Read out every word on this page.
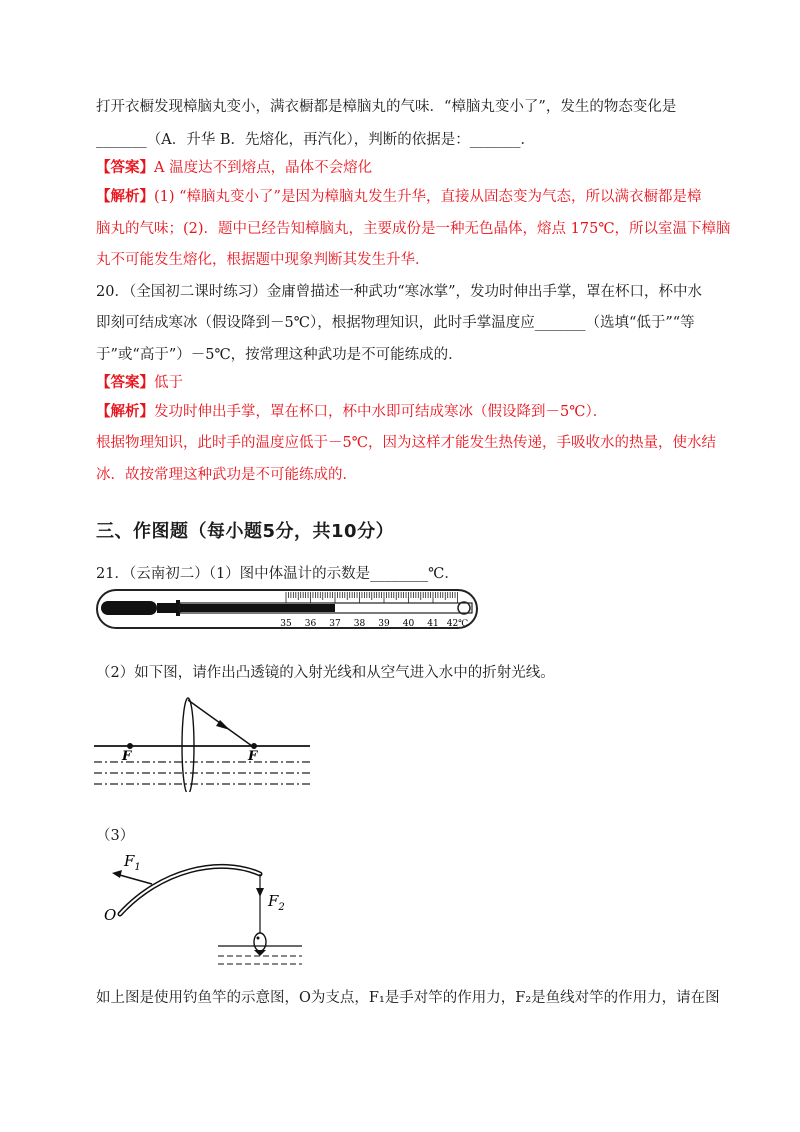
打开衣橱发现樟脑丸变小，满衣橱都是樟脑丸的气味．“樟脑丸变小了”，发生的物态变化是
_______（A．升华 B．先熔化，再汽化），判断的依据是：_______．
【答案】A 温度达不到熔点，晶体不会熔化
【解析】(1) “樟脑丸变小了”是因为樟脑丸发生升华，直接从固态变为气态，所以满衣橱都是樟
脑丸的气味；(2)．题中已经告知樟脑丸，主要成份是一种无色晶体，熔点 175℃，所以室温下樟脑
丸不可能发生熔化，根据题中现象判断其发生升华．
20．（全国初二课时练习）金庸曾描述一种武功“寒冰掌”，发功时伸出手掌，罩在杯口，杯中水
即刻可结成寒冰（假设降到－5℃），根据物理知识，此时手掌温度应_______（选填“低于”“等
于”或“高于”）－5℃，按常理这种武功是不可能练成的．
【答案】低于
【解析】发功时伸出手掌，罩在杯口，杯中水即可结成寒冰（假设降到－5℃）．
根据物理知识，此时手的温度应低于－5℃，因为这样才能发生热传递，手吸收水的热量，使水结
冰．故按常理这种武功是不可能练成的．
三、作图题（每小题5分，共10分）
21．（云南初二）（1）图中体温计的示数是________℃．
35 36 37 38 39 40 41 42℃
（2）如下图，请作出凸透镜的入射光线和从空气进入水中的折射光线。
F	F
（3）
$F_1$
$F_2$
O
如上图是使用钓鱼竿的示意图，O为支点，F₁是手对竿的作用力，F₂是鱼线对竿的作用力，请在图
